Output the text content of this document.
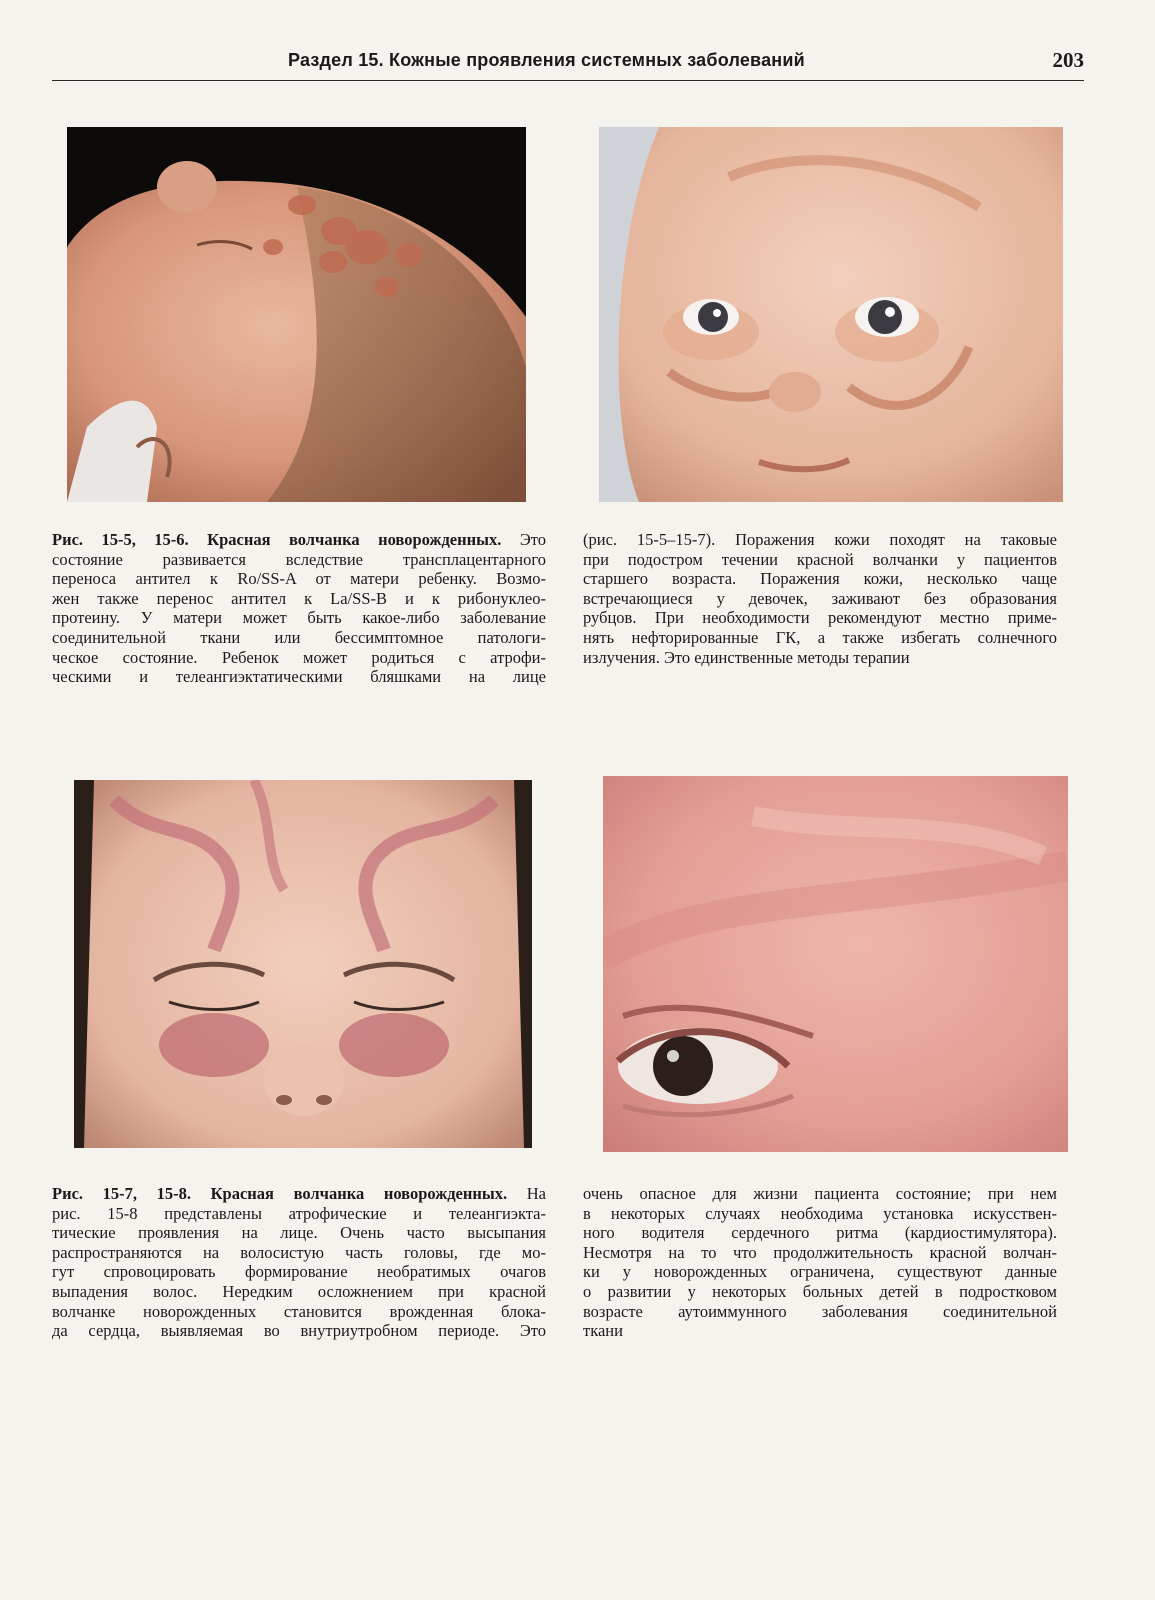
Раздел 15. Кожные проявления системных заболеваний	203
Рис. 15-5, 15-6. Красная волчанка новорожденных. Это
состояние развивается вследствие трансплацентарного
переноса антител к Ro/SS-A от матери ребенку. Возмо-
жен также перенос антител к La/SS-B и к рибонуклео-
протеину. У матери может быть какое-либо заболевание
соединительной ткани или бессимптомное патологи-
ческое состояние. Ребенок может родиться с атрофи-
ческими и телеангиэктатическими бляшками на лице
(рис. 15-5–15-7). Поражения кожи походят на таковые
при подостром течении красной волчанки у пациентов
старшего возраста. Поражения кожи, несколько чаще
встречающиеся у девочек, заживают без образования
рубцов. При необходимости рекомендуют местно приме-
нять нефторированные ГК, а также избегать солнечного
излучения. Это единственные методы терапии
Рис. 15-7, 15-8. Красная волчанка новорожденных. На
рис. 15-8 представлены атрофические и телеангиэкта-
тические проявления на лице. Очень часто высыпания
распространяются на волосистую часть головы, где мо-
гут спровоцировать формирование необратимых очагов
выпадения волос. Нередким осложнением при красной
волчанке новорожденных становится врожденная блока-
да сердца, выявляемая во внутриутробном периоде. Это
очень опасное для жизни пациента состояние; при нем
в некоторых случаях необходима установка искусствен-
ного водителя сердечного ритма (кардиостимулятора).
Несмотря на то что продолжительность красной волчан-
ки у новорожденных ограничена, существуют данные
о развитии у некоторых больных детей в подростковом
возрасте аутоиммунного заболевания соединительной
ткани
